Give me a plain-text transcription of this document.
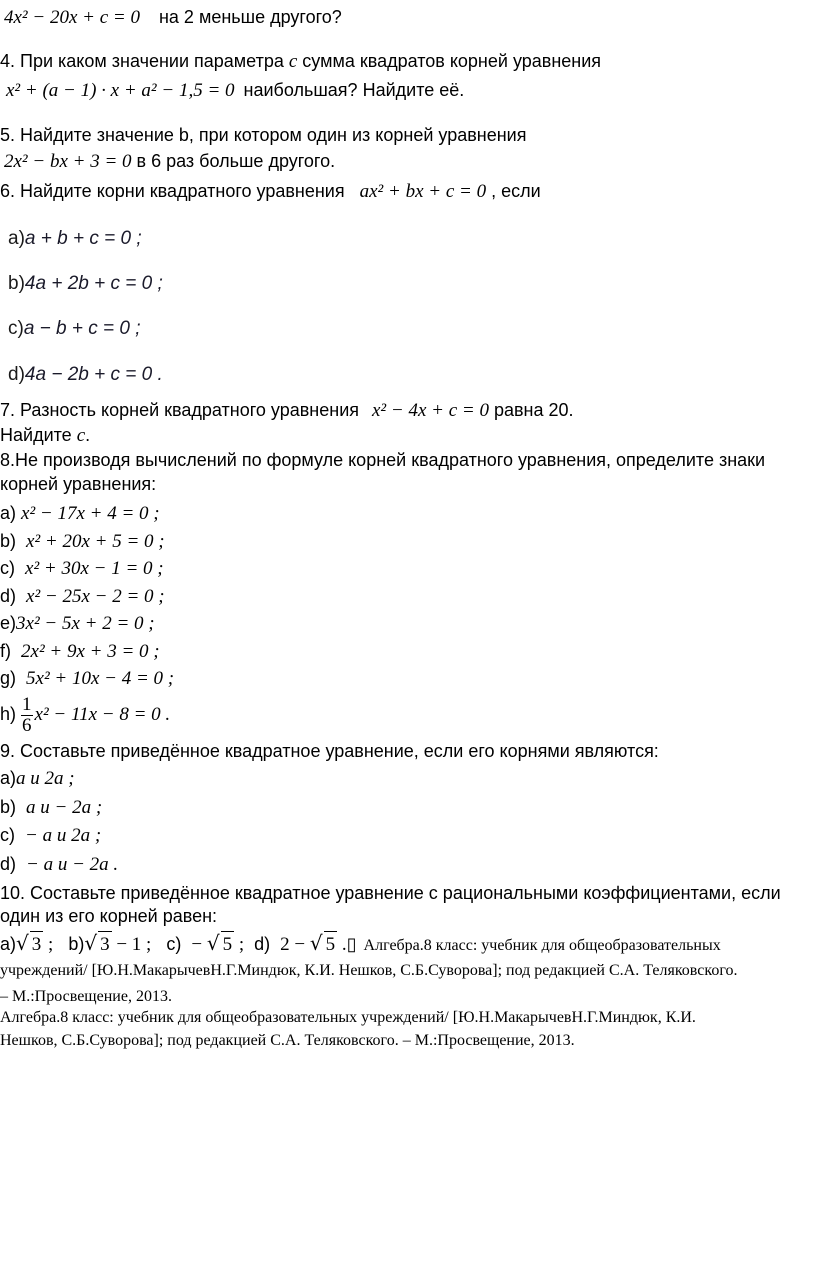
4x² − 20x + c = 0 на 2 меньше другого?
4. При каком значении параметра c сумма квадратов корней уравнения
x² + (a − 1) · x + a² − 1,5 = 0 наибольшая? Найдите её.
5. Найдите значение b, при котором один из корней уравнения
2x² − bx + 3 = 0 в 6 раз больше другого.
6. Найдите корни квадратного уравнения ax² + bx + c = 0 , если
a)a + b + c = 0 ;
b)4a + 2b + c = 0 ;
c)a − b + c = 0 ;
d)4a − 2b + c = 0 .
7. Разность корней квадратного уравнения x² − 4x + c = 0 равна 20.
Найдите с.
8.Не производя вычислений по формуле корней квадратного уравнения, определите знаки
корней уравнения:
a) x² − 17x + 4 = 0 ;
b) x² + 20x + 5 = 0 ;
c) x² + 30x − 1 = 0 ;
d) x² − 25x − 2 = 0 ;
e)3x² − 5x + 2 = 0 ;
f) 2x² + 9x + 3 = 0 ;
g) 5x² + 10x − 4 = 0 ;
$h) \frac{1}{6} x^2 - 11x - 8 = 0$ .
9. Составьте приведённое квадратное уравнение, если его корнями являются:
a)a и 2a ;
b) a и − 2a ;
c) − a и 2a ;
d) − a и − 2a .
10. Составьте приведённое квадратное уравнение с рациональными коэффициентами, если
один из его корней равен:
a)√ 3 ; b)√ 3 − 1 ; c) − √ 5 ; d) 2 − √ 5 .▯ Алгебра.8 класс: учебник для общеобразовательных
учреждений/ [Ю.Н.МакарычевН.Г.Миндюк, К.И. Нешков, С.Б.Суворова]; под редакцией С.А. Теляковского.
– М.:Просвещение, 2013.
Алгебра.8 класс: учебник для общеобразовательных учреждений/ [Ю.Н.МакарычевН.Г.Миндюк, К.И.
Нешков, С.Б.Суворова]; под редакцией С.А. Теляковского. – М.:Просвещение, 2013.
